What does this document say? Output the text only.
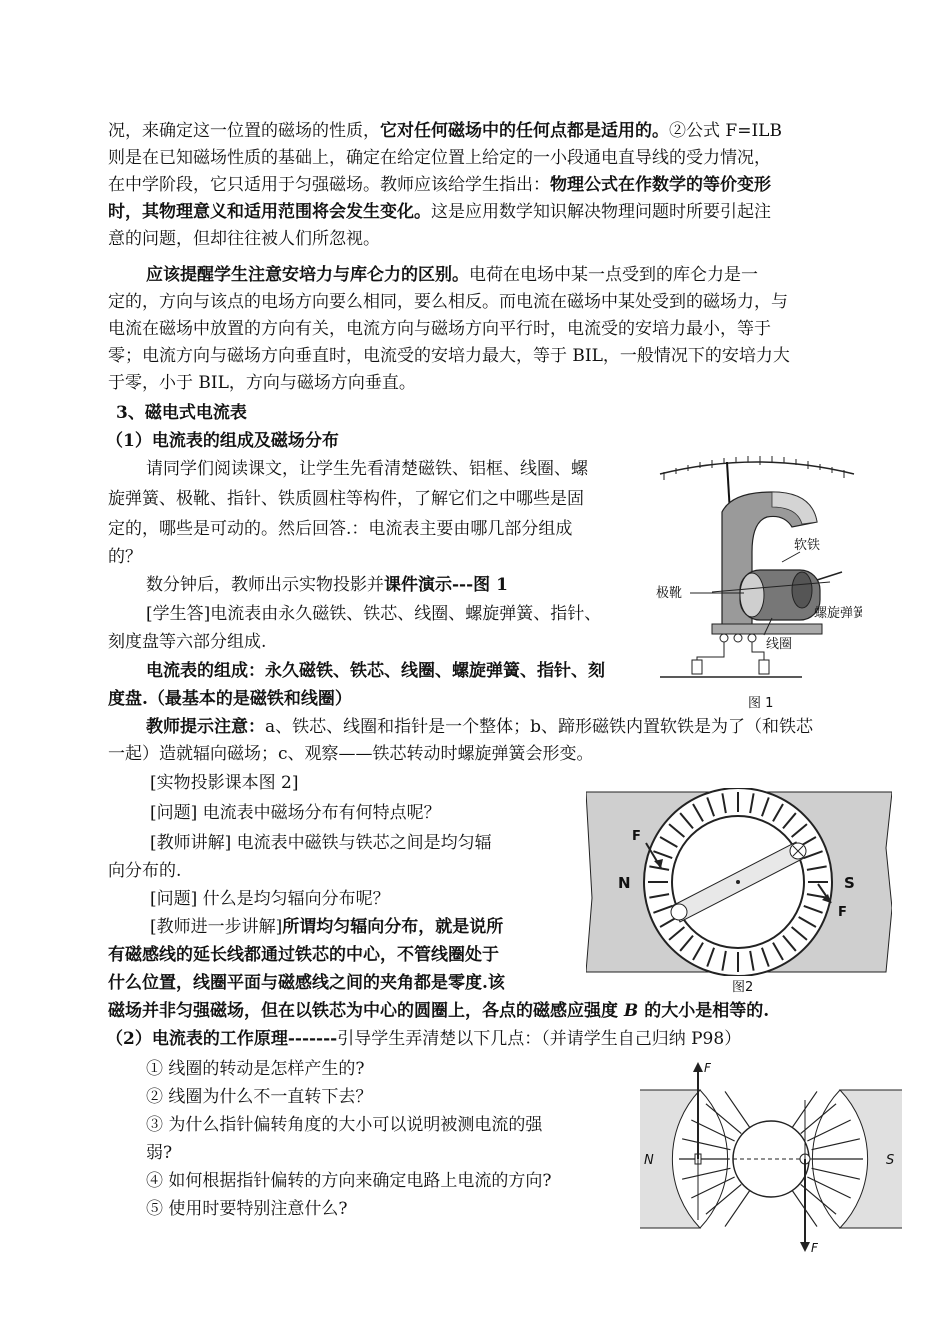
况，来确定这一位置的磁场的性质，它对任何磁场中的任何点都是适用的。②公式 F=ILB
则是在已知磁场性质的基础上，确定在给定位置上给定的一小段通电直导线的受力情况，
在中学阶段，它只适用于匀强磁场。教师应该给学生指出：物理公式在作数学的等价变形
时，其物理意义和适用范围将会发生变化。这是应用数学知识解决物理问题时所要引起注
意的问题，但却往往被人们所忽视。
应该提醒学生注意安培力与库仑力的区别。电荷在电场中某一点受到的库仑力是一
定的，方向与该点的电场方向要么相同，要么相反。而电流在磁场中某处受到的磁场力，与
电流在磁场中放置的方向有关，电流方向与磁场方向平行时，电流受的安培力最小，等于
零；电流方向与磁场方向垂直时，电流受的安培力最大，等于 BIL，一般情况下的安培力大
于零，小于 BIL，方向与磁场方向垂直。
3、磁电式电流表
（1）电流表的组成及磁场分布
请同学们阅读课文，让学生先看清楚磁铁、铝框、线圈、螺
旋弹簧、极靴、指针、铁质圆柱等构件，了解它们之中哪些是固
定的，哪些是可动的。然后回答.：电流表主要由哪几部分组成
的？
数分钟后，教师出示实物投影并课件演示---图 1
[学生答]电流表由永久磁铁、铁芯、线圈、螺旋弹簧、指针、
刻度盘等六部分组成.
电流表的组成：永久磁铁、铁芯、线圈、螺旋弹簧、指针、刻
度盘.（最基本的是磁铁和线圈）
教师提示注意：a、铁芯、线圈和指针是一个整体；b、蹄形磁铁内置软铁是为了（和铁芯
一起）造就辐向磁场；c、观察——铁芯转动时螺旋弹簧会形变。
[实物投影课本图 2]
[问题] 电流表中磁场分布有何特点呢？
[教师讲解] 电流表中磁铁与铁芯之间是均匀辐
向分布的.
[问题] 什么是均匀辐向分布呢？
[教师进一步讲解]所谓均匀辐向分布，就是说所
有磁感线的延长线都通过铁芯的中心，不管线圈处于
什么位置，线圈平面与磁感线之间的夹角都是零度.该
磁场并非匀强磁场，但在以铁芯为中心的圆圈上，各点的磁感应强度 B 的大小是相等的.
（2）电流表的工作原理-------引导学生弄清楚以下几点：（并请学生自己归纳 P98）
① 线圈的转动是怎样产生的?
② 线圈为什么不一直转下去？
③ 为什么指针偏转角度的大小可以说明被测电流的强
弱?
④ 如何根据指针偏转的方向来确定电路上电流的方向?
⑤ 使用时要特别注意什么?
软铁
极靴
螺旋弹簧
线圈
图 1
N	S
F
F
图2
F
F
N	S
